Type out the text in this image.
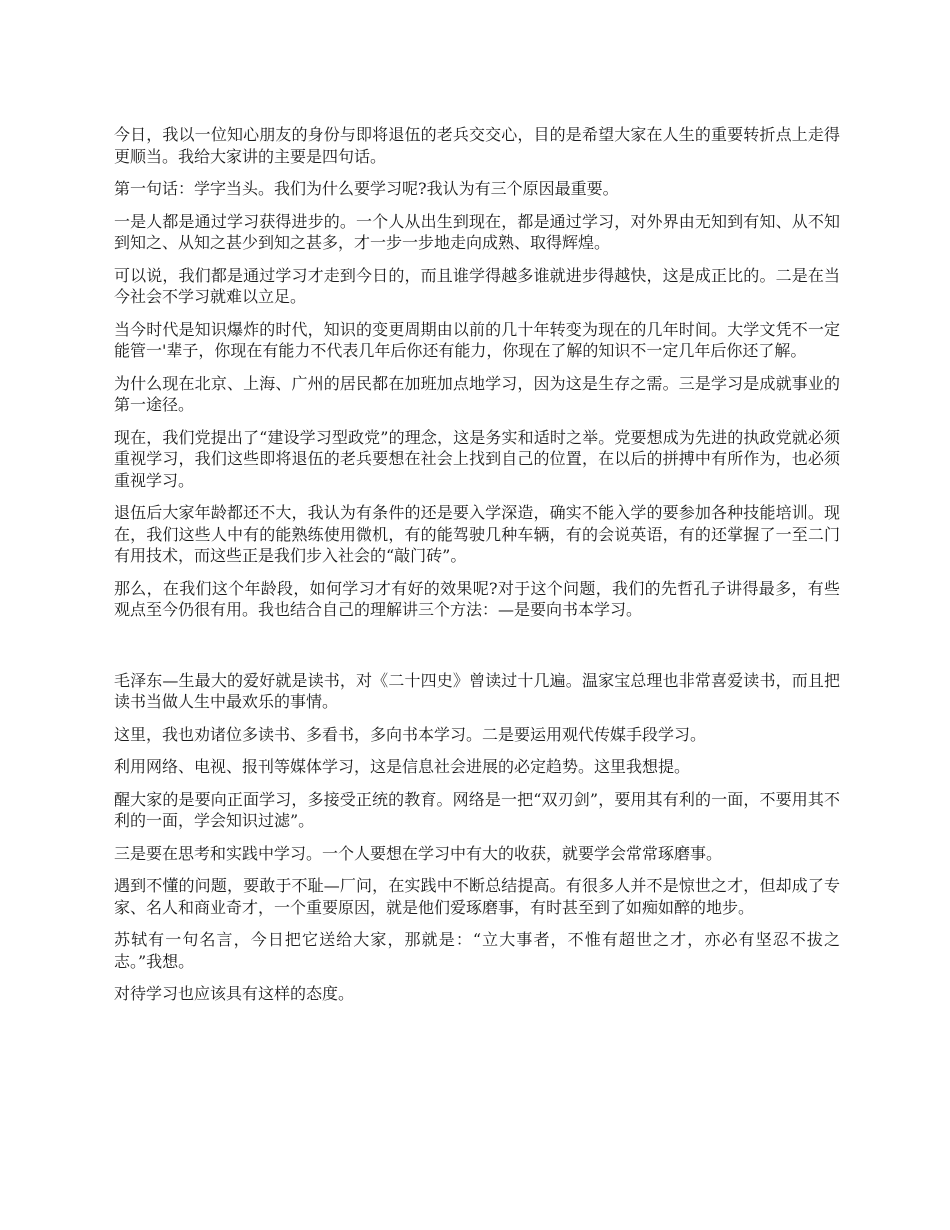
今日，我以一位知心朋友的身份与即将退伍的老兵交交心，目的是希望大家在人生的重要转折点上走得更顺当。我给大家讲的主要是四句话。

第一句话：学字当头。我们为什么要学习呢?我认为有三个原因最重要。

一是人都是通过学习获得进步的。一个人从出生到现在，都是通过学习，对外界由无知到有知、从不知到知之、从知之甚少到知之甚多，才一步一步地走向成熟、取得辉煌。

可以说，我们都是通过学习才走到今日的，而且谁学得越多谁就进步得越快，这是成正比的。二是在当今社会不学习就难以立足。

当今时代是知识爆炸的时代，知识的变更周期由以前的几十年转变为现在的几年时间。大学文凭不一定能管一'辈子，你现在有能力不代表几年后你还有能力，你现在了解的知识不一定几年后你还了解。

为什么现在北京、上海、广州的居民都在加班加点地学习，因为这是生存之需。三是学习是成就事业的第一途径。

现在，我们党提出了“建设学习型政党”的理念，这是务实和适时之举。党要想成为先进的执政党就必须重视学习，我们这些即将退伍的老兵要想在社会上找到自己的位置，在以后的拼搏中有所作为，也必须重视学习。

退伍后大家年龄都还不大，我认为有条件的还是要入学深造，确实不能入学的要参加各种技能培训。现在，我们这些人中有的能熟练使用微机，有的能驾驶几种车辆，有的会说英语，有的还掌握了一至二门有用技术，而这些正是我们步入社会的“敲门砖”。

那么，在我们这个年龄段，如何学习才有好的效果呢?对于这个问题，我们的先哲孔子讲得最多，有些观点至今仍很有用。我也结合自己的理解讲三个方法：—是要向书本学习。

毛泽东—生最大的爱好就是读书，对《二十四史》曾读过十几遍。温家宝总理也非常喜爱读书，而且把读书当做人生中最欢乐的事情。

这里，我也劝诸位多读书、多看书，多向书本学习。二是要运用观代传媒手段学习。

利用网络、电视、报刊等媒体学习，这是信息社会进展的必定趋势。这里我想提。

醒大家的是要向正面学习，多接受正统的教育。网络是一把“双刃剑”，要用其有利的一面，不要用其不利的一面，学会知识过滤”。

三是要在思考和实践中学习。一个人要想在学习中有大的收获，就要学会常常琢磨事。

遇到不懂的问题，要敢于不耻—厂问，在实践中不断总结提高。有很多人并不是惊世之才，但却成了专家、名人和商业奇才，一个重要原因，就是他们爱琢磨事，有时甚至到了如痴如醉的地步。

苏轼有一句名言，今日把它送给大家，那就是：“立大事者，不惟有超世之才，亦必有坚忍不拔之志。”我想。

对待学习也应该具有这样的态度。
